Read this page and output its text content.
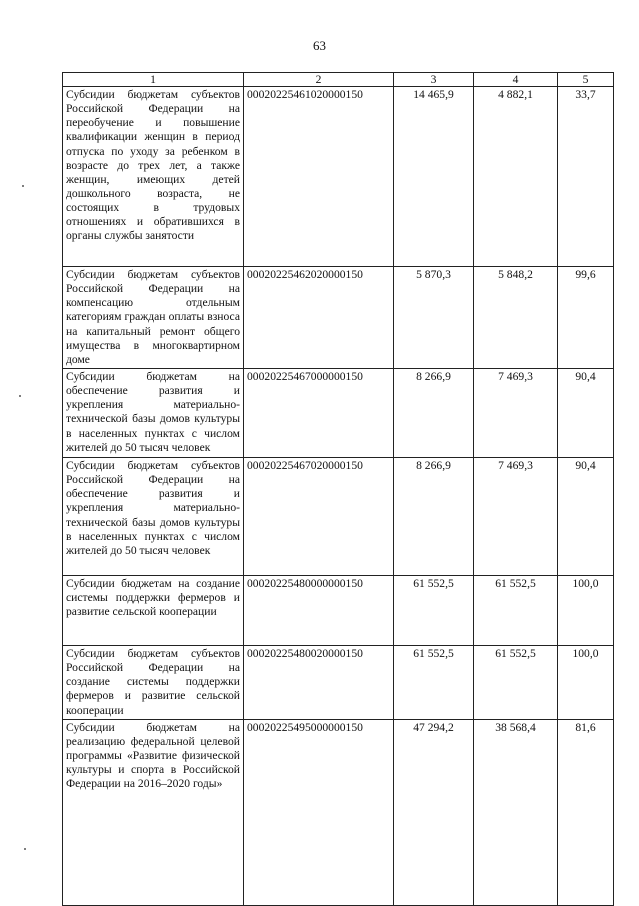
63
1	2	3	4	5
Субсидии бюджетам субъектов Российской Федерации на переобучение и повышение квалификации женщин в период отпуска по уходу за ребенком в возрасте до трех лет, а также женщин, имеющих детей дошкольного возраста, не состоящих в трудовых отношениях и обратившихся в органы службы занятости	00020225461020000150	14 465,9	4 882,1	33,7
Субсидии бюджетам субъектов Российской Федерации на компенсацию отдельным категориям граждан оплаты взноса на капитальный ремонт общего имущества в многоквартирном доме	00020225462020000150	5 870,3	5 848,2	99,6
Субсидии бюджетам на обеспечение развития и укрепления материально-технической базы домов культуры в населенных пунктах с числом жителей до 50 тысяч человек	00020225467000000150	8 266,9	7 469,3	90,4
Субсидии бюджетам субъектов Российской Федерации на обеспечение развития и укрепления материально-технической базы домов культуры в населенных пунктах с числом жителей до 50 тысяч человек	00020225467020000150	8 266,9	7 469,3	90,4
Субсидии бюджетам на создание системы поддержки фермеров и развитие сельской кооперации	00020225480000000150	61 552,5	61 552,5	100,0
Субсидии бюджетам субъектов Российской Федерации на создание системы поддержки фермеров и развитие сельской кооперации	00020225480020000150	61 552,5	61 552,5	100,0
Субсидии бюджетам на реализацию федеральной целевой программы «Развитие физической культуры и спорта в Российской Федерации на 2016–2020 годы»	00020225495000000150	47 294,2	38 568,4	81,6
